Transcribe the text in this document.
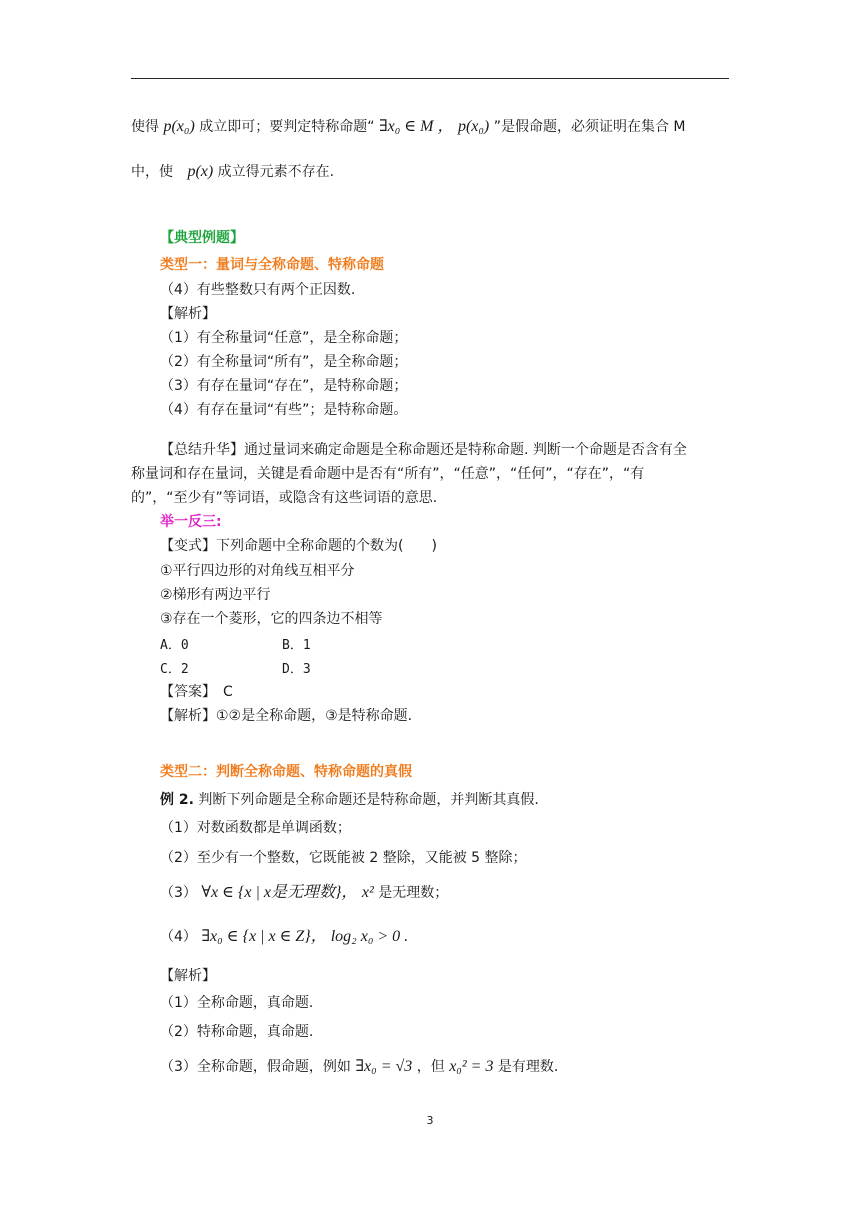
使得 p(x₀) 成立即可；要判定特称命题“ ∃x₀ ∈ M ， p(x₀) ”是假命题，必须证明在集合 M
中，使 p(x) 成立得元素不存在.
【典型例题】
类型一：量词与全称命题、特称命题
（4）有些整数只有两个正因数.
【解析】
（1）有全称量词“任意”，是全称命题；
（2）有全称量词“所有”，是全称命题；
（3）有存在量词“存在”，是特称命题；
（4）有存在量词“有些”；是特称命题。
【总结升华】通过量词来确定命题是全称命题还是特称命题. 判断一个命题是否含有全
称量词和存在量词，关键是看命题中是否有“所有”，“任意”，“任何”，“存在”，“有
的”，“至少有”等词语，或隐含有这些词语的意思.
举一反三:
【变式】下列命题中全称命题的个数为(　　)
①平行四边形的对角线互相平分
②梯形有两边平行
③存在一个菱形，它的四条边不相等
A．0	B．1
C．2	D．3
【答案】　C
【解析】①②是全称命题，③是特称命题.
类型二：判断全称命题、特称命题的真假
例 2. 判断下列命题是全称命题还是特称命题，并判断其真假.
（1）对数函数都是单调函数；
（2）至少有一个整数，它既能被 2 整除，又能被 5 整除；
（3） ∀x ∈ {x | x是无理数}， x² 是无理数；
（4） ∃x₀ ∈ {x | x ∈ Z}， log₂ x₀ > 0 .
【解析】
（1）全称命题，真命题.
（2）特称命题，真命题.
（3）全称命题，假命题，例如 ∃x₀ = √3 ，但 x₀² = 3 是有理数.
3
